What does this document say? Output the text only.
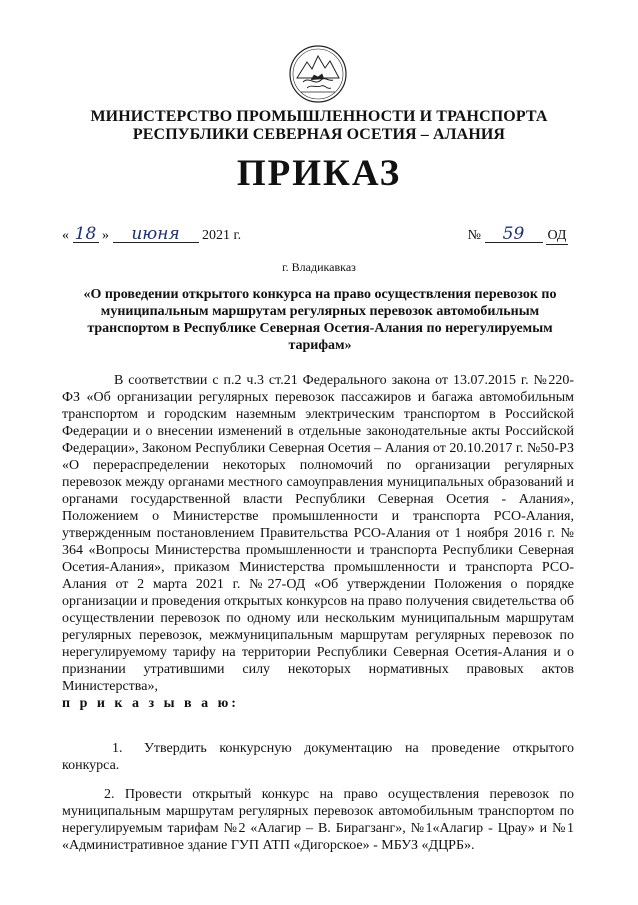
МИНИСТЕРСТВО ПРОМЫШЛЕННОСТИ И ТРАНСПОРТА
РЕСПУБЛИКИ СЕВЕРНАЯ ОСЕТИЯ – АЛАНИЯ
ПРИКАЗ
« 18 » июня 2021 г.	№ 59 ОД
г. Владикавказ
«О проведении открытого конкурса на право осуществления перевозок по муниципальным маршрутам регулярных перевозок автомобильным транспортом в Республике Северная Осетия-Алания по нерегулируемым тарифам»

В соответствии с п.2 ч.3 ст.21 Федерального закона от 13.07.2015 г. №220-ФЗ «Об организации регулярных перевозок пассажиров и багажа автомобильным транспортом и городским наземным электрическим транспортом в Российской Федерации и о внесении изменений в отдельные законодательные акты Российской Федерации», Законом Республики Северная Осетия – Алания от 20.10.2017 г. №50-РЗ «О перераспределении некоторых полномочий по организации регулярных перевозок между органами местного самоуправления муниципальных образований и органами государственной власти Республики Северная Осетия - Алания», Положением о Министерстве промышленности и транспорта РСО-Алания, утвержденным постановлением Правительства РСО-Алания от 1 ноября 2016 г. № 364 «Вопросы Министерства промышленности и транспорта Республики Северная Осетия-Алания», приказом Министерства промышленности и транспорта РСО-Алания от 2 марта 2021 г. №27-ОД «Об утверждении Положения о порядке организации и проведения открытых конкурсов на право получения свидетельства об осуществлении перевозок по одному или нескольким муниципальным маршрутам регулярных перевозок, межмуниципальным маршрутам регулярных перевозок по нерегулируемому тарифу на территории Республики Северная Осетия-Алания и о признании утратившими силу некоторых нормативных правовых актов Министерства»,

п р и к а з ы в а ю:
1. Утвердить конкурсную документацию на проведение открытого конкурса.
2. Провести открытый конкурс на право осуществления перевозок по муниципальным маршрутам регулярных перевозок автомобильным транспортом по нерегулируемым тарифам №2 «Алагир – В. Бирагзанг», №1«Алагир - Црау» и №1 «Административное здание ГУП АТП «Дигорское» - МБУЗ «ДЦРБ».
